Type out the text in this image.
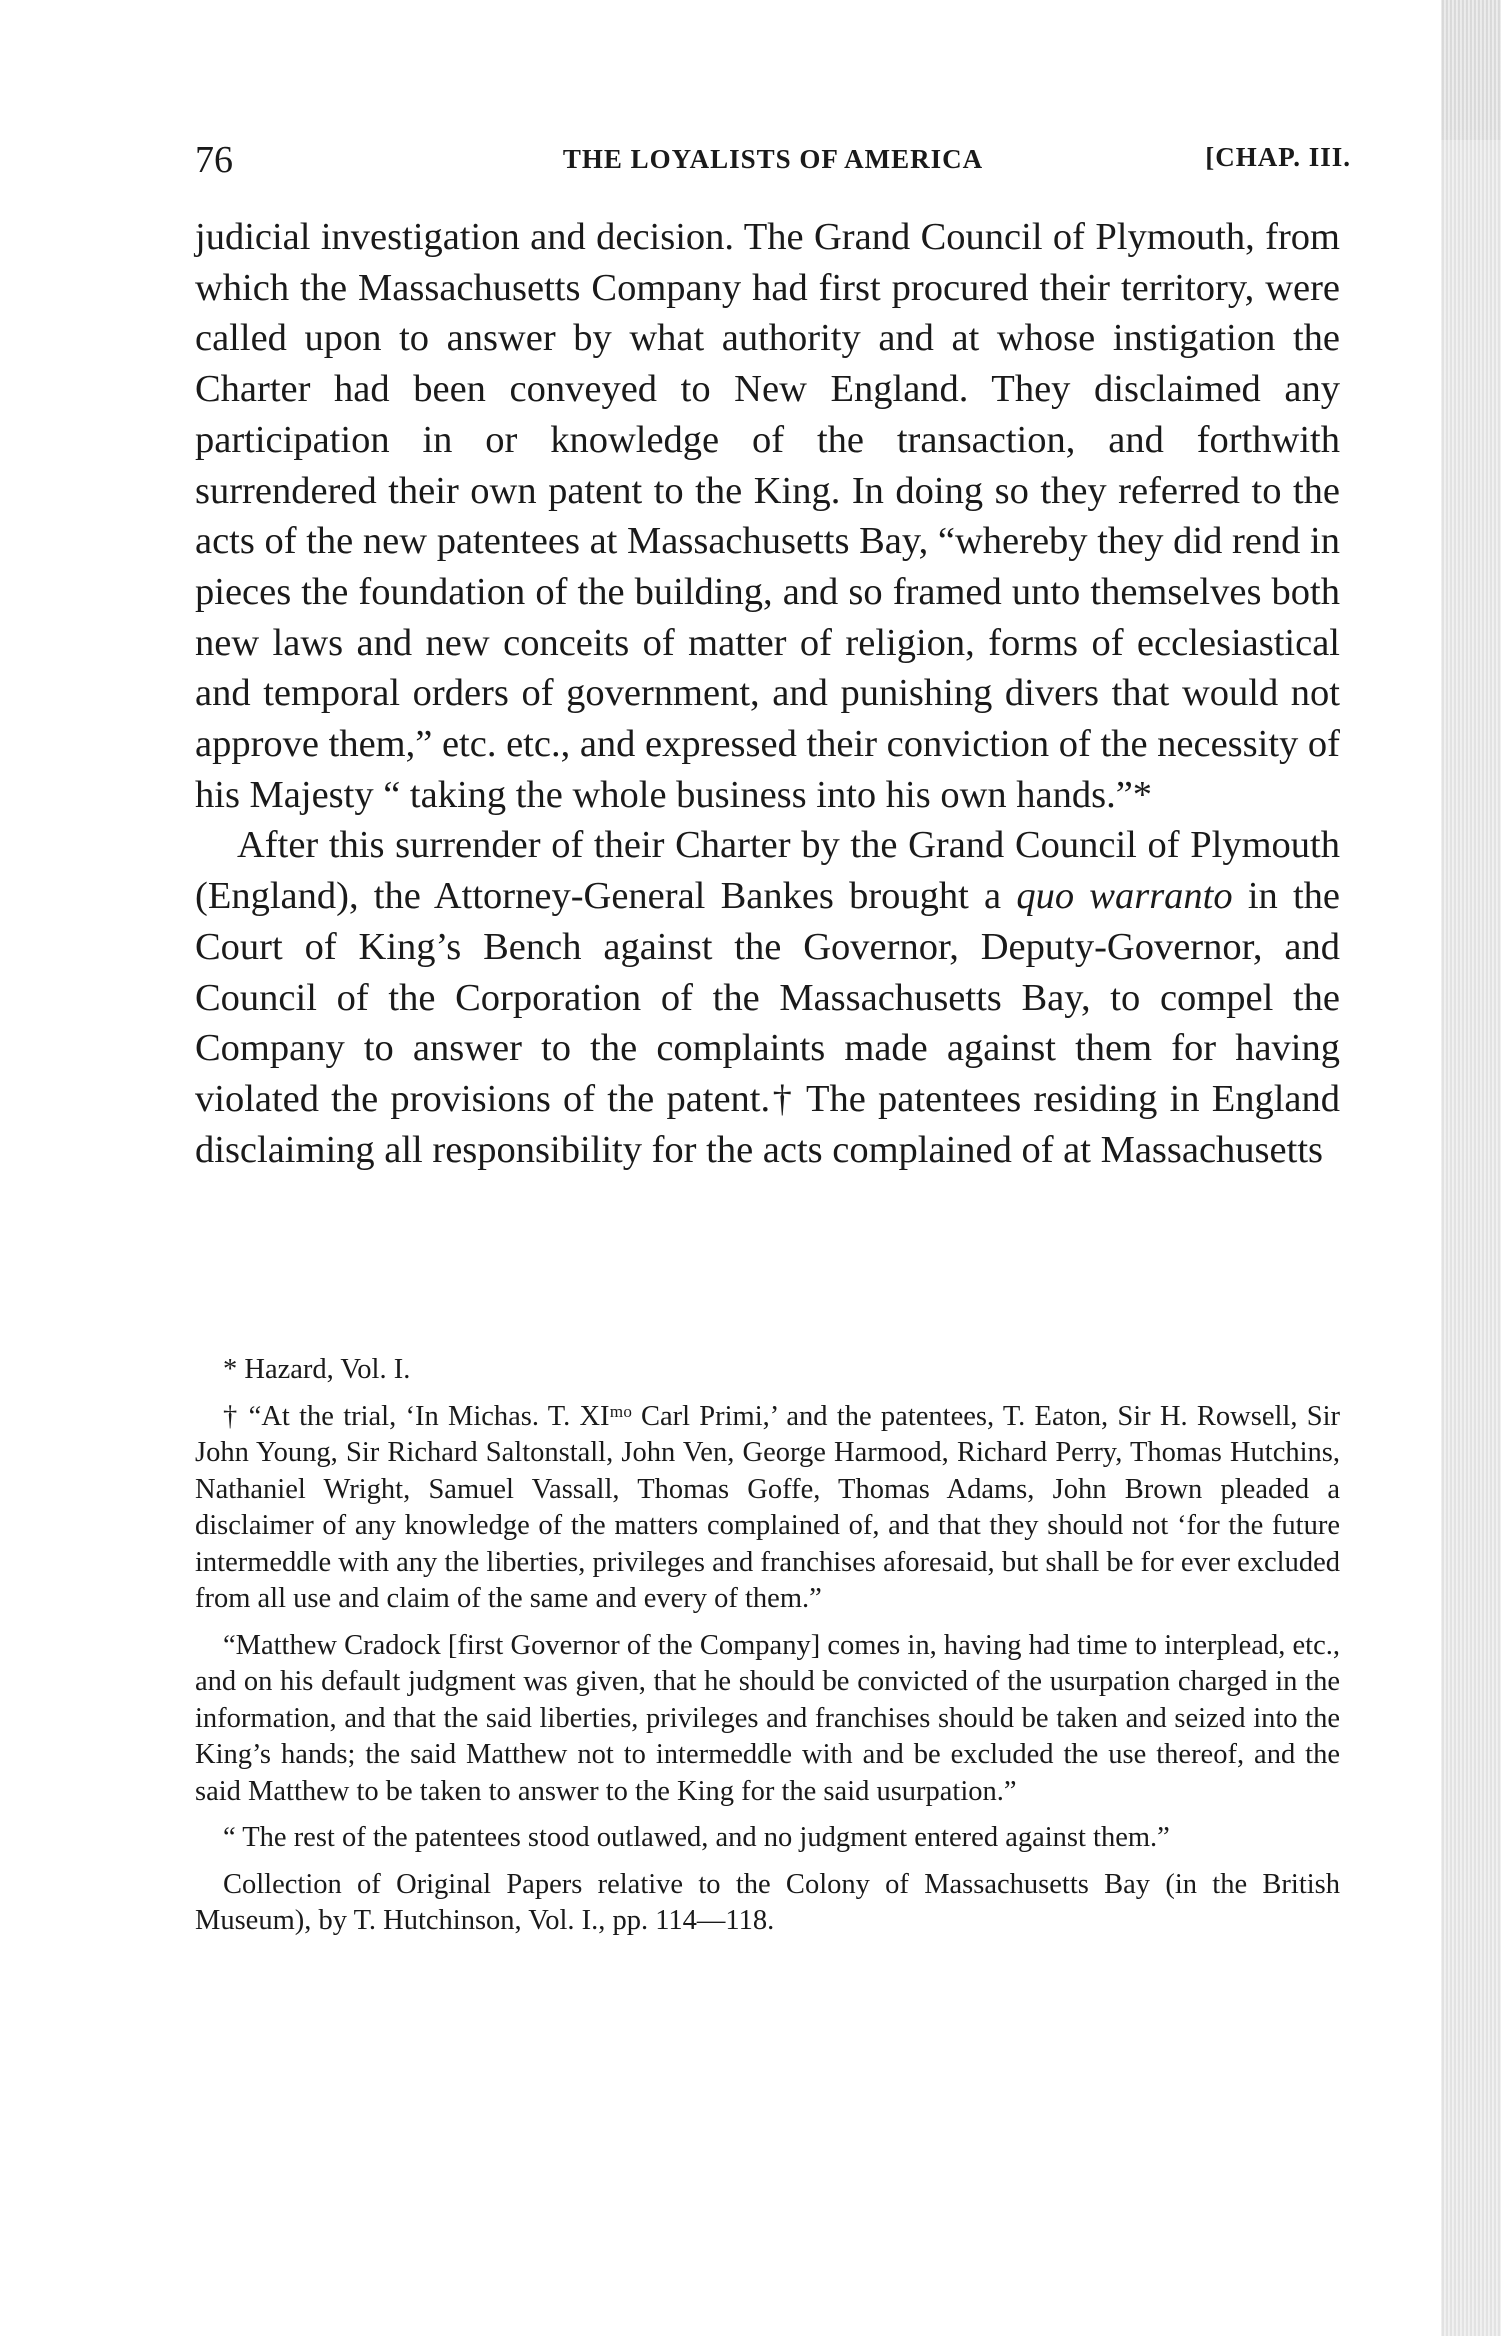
76	THE LOYALISTS OF AMERICA	[CHAP. III.

judicial investigation and decision. The Grand Council of Plymouth, from which the Massachusetts Company had first procured their territory, were called upon to answer by what authority and at whose instigation the Charter had been conveyed to New England. They disclaimed any participation in or knowledge of the transaction, and forthwith surrendered their own patent to the King. In doing so they referred to the acts of the new patentees at Massachusetts Bay, “whereby they did rend in pieces the foundation of the building, and so framed unto themselves both new laws and new conceits of matter of religion, forms of ecclesiastical and temporal orders of government, and punishing divers that would not approve them,” etc. etc., and expressed their conviction of the necessity of his Majesty “ taking the whole business into his own hands.”*

After this surrender of their Charter by the Grand Council of Plymouth (England), the Attorney-General Bankes brought a quo warranto in the Court of King’s Bench against the Governor, Deputy-Governor, and Council of the Corporation of the Massachusetts Bay, to compel the Company to answer to the complaints made against them for having violated the provisions of the patent.† The patentees residing in England disclaiming all responsibility for the acts complained of at Massachusetts

* Hazard, Vol. I.

† “At the trial, ‘In Michas. T. XIᵐᵒ Carl Primi,’ and the patentees, T. Eaton, Sir H. Rowsell, Sir John Young, Sir Richard Saltonstall, John Ven, George Harmood, Richard Perry, Thomas Hutchins, Nathaniel Wright, Samuel Vassall, Thomas Goffe, Thomas Adams, John Brown pleaded a disclaimer of any knowledge of the matters complained of, and that they should not ‘for the future intermeddle with any the liberties, privileges and franchises aforesaid, but shall be for ever excluded from all use and claim of the same and every of them.”

“Matthew Cradock [first Governor of the Company] comes in, having had time to interplead, etc., and on his default judgment was given, that he should be convicted of the usurpation charged in the information, and that the said liberties, privileges and franchises should be taken and seized into the King’s hands; the said Matthew not to intermeddle with and be excluded the use thereof, and the said Matthew to be taken to answer to the King for the said usurpation.”

“ The rest of the patentees stood outlawed, and no judgment entered against them.”

Collection of Original Papers relative to the Colony of Massachusetts Bay (in the British Museum), by T. Hutchinson, Vol. I., pp. 114—118.
